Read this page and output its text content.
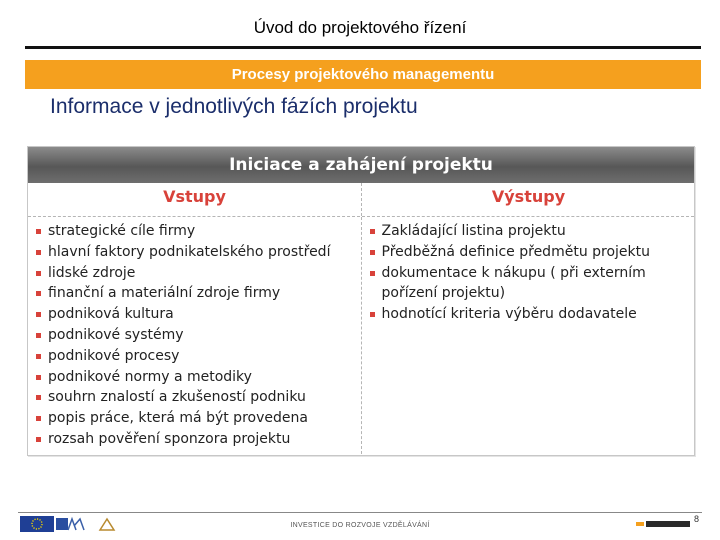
Úvod do projektového řízení
Procesy projektového managementu
Informace v jednotlivých fázích projektu
Iniciace a zahájení projektu
Vstupy	Výstupy
strategické cíle firmy
hlavní faktory podnikatelského prostředí
lidské zdroje
finanční a materiální zdroje firmy
podniková kultura
podnikové systémy
podnikové procesy
podnikové normy a metodiky
souhrn znalostí a zkušeností podniku
popis práce, která má být provedena
rozsah pověření sponzora projektu
Zakládající listina projektu
Předběžná definice předmětu projektu
dokumentace k nákupu ( při externím pořízení projektu)
hodnotící kriteria výběru dodavatele
INVESTICE DO ROZVOJE VZDĚLÁVÁNÍ
8
